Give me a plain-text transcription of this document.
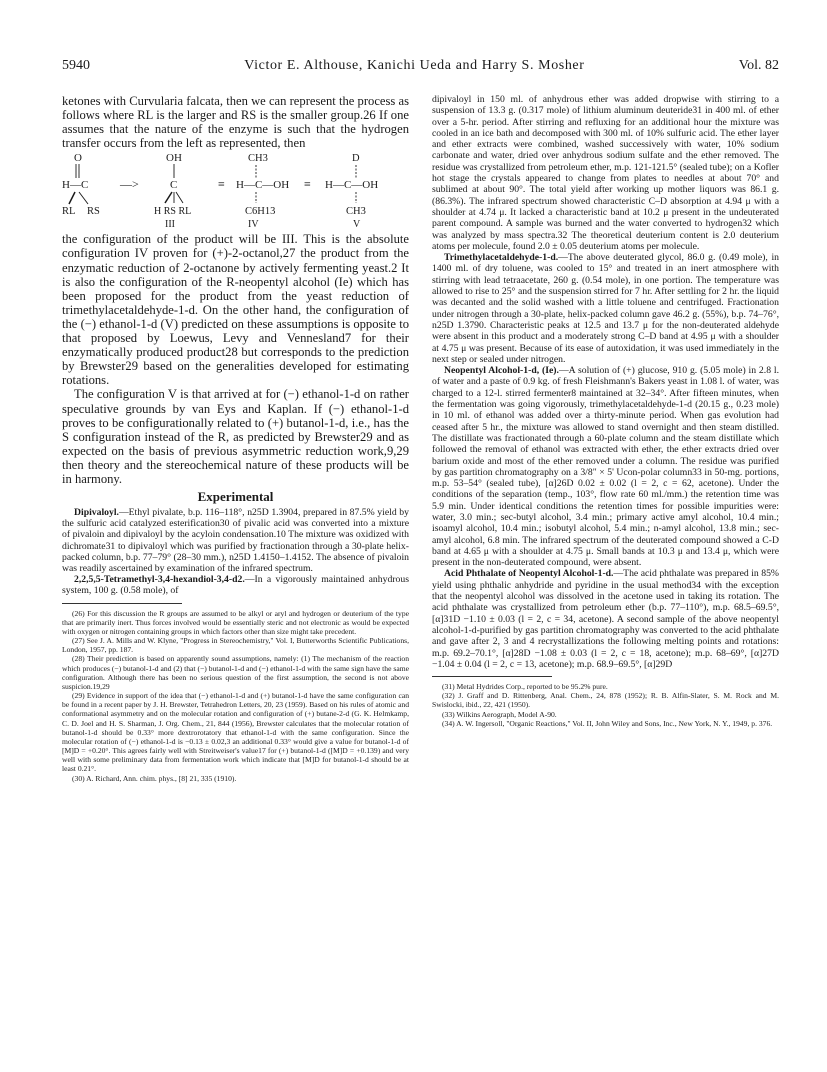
5940	Victor E. Althouse, Kanichi Ueda and Harry S. Mosher	Vol. 82

ketones with Curvularia falcata, then we can represent the process as follows where RL is the larger and RS is the smaller group.26 If one assumes that the nature of the enzyme is such that the hydrogen transfer occurs from the left as represented, then

O
H—C
RL RS
—>
OH
C
H RS RL
III
≡
CH3
H—C—OH
C6H13
IV
≡
D
H—C—OH
CH3
V

the configuration of the product will be III. This is the absolute configuration IV proven for (+)-2-octanol,27 the product from the enzymatic reduction of 2-octanone by actively fermenting yeast.2 It is also the configuration of the R-neopentyl alcohol (Ie) which has been proposed for the product from the yeast reduction of trimethylacetaldehyde-1-d. On the other hand, the configuration of the (−) ethanol-1-d (V) predicted on these assumptions is opposite to that proposed by Loewus, Levy and Vennesland7 for their enzymatically produced product28 but corresponds to the prediction by Brewster29 based on the generalities developed for estimating rotations.

The configuration V is that arrived at for (−) ethanol-1-d on rather speculative grounds by van Eys and Kaplan. If (−) ethanol-1-d proves to be configurationally related to (+) butanol-1-d, i.e., has the S configuration instead of the R, as predicted by Brewster29 and as expected on the basis of previous asymmetric reduction work,9,29 then theory and the stereochemical nature of these products will be in harmony.

Experimental

Dipivaloyl.—Ethyl pivalate, b.p. 116–118°, n25D 1.3904, prepared in 87.5% yield by the sulfuric acid catalyzed esterification30 of pivalic acid was converted into a mixture of pivaloin and dipivaloyl by the acyloin condensation.10 The mixture was oxidized with dichromate31 to dipivaloyl which was purified by fractionation through a 30-plate helix-packed column, b.p. 77–79° (28–30 mm.), n25D 1.4150–1.4152. The absence of pivaloin was readily ascertained by examination of the infrared spectrum.

2,2,5,5-Tetramethyl-3,4-hexandiol-3,4-d2.—In a vigorously maintained anhydrous system, 100 g. (0.58 mole), of

(26) For this discussion the R groups are assumed to be alkyl or aryl and hydrogen or deuterium of the type that are primarily inert. Thus forces involved would be essentially steric and not electronic as would be expected with oxygen or nitrogen containing groups in which factors other than size might take precedent.

(27) See J. A. Mills and W. Klyne, "Progress in Stereochemistry," Vol. I, Butterworths Scientific Publications, London, 1957, pp. 187.

(28) Their prediction is based on apparently sound assumptions, namely: (1) The mechanism of the reaction which produces (−) butanol-1-d and (2) that (−) butanol-1-d and (−) ethanol-1-d with the same sign have the same configuration. Although there has been no serious question of the first assumption, the second is not above suspicion.19,29

(29) Evidence in support of the idea that (−) ethanol-1-d and (+) butanol-1-d have the same configuration can be found in a recent paper by J. H. Brewster, Tetrahedron Letters, 20, 23 (1959). Based on his rules of atomic and conformational asymmetry and on the molecular rotation and configuration of (+) butane-2-d (G. K. Helmkamp, C. D. Joel and H. S. Sharman, J. Org. Chem., 21, 844 (1956), Brewster calculates that the molecular rotation of butanol-1-d should be 0.33° more dextrorotatory that ethanol-1-d with the same configuration. Since the molecular rotation of (−) ethanol-1-d is −0.13 ± 0.02,3 an additional 0.33° would give a value for butanol-1-d of [M]D = +0.20°. This agrees fairly well with Streitweiser's value17 for (+) butanol-1-d ([M]D = +0.139) and very well with some preliminary data from fermentation work which indicate that [M]D for butanol-1-d should be at least 0.21°.

(30) A. Richard, Ann. chim. phys., [8] 21, 335 (1910).

dipivaloyl in 150 ml. of anhydrous ether was added dropwise with stirring to a suspension of 13.3 g. (0.317 mole) of lithium aluminum deuteride31 in 400 ml. of ether over a 5-hr. period. After stirring and refluxing for an additional hour the mixture was cooled in an ice bath and decomposed with 300 ml. of 10% sulfuric acid. The ether layer and ether extracts were combined, washed successively with water, 10% sodium carbonate and water, dried over anhydrous sodium sulfate and the ether removed. The residue was crystallized from petroleum ether, m.p. 121-121.5° (sealed tube); on a Kofler hot stage the crystals appeared to change from plates to needles at about 70° and sublimed at about 90°. The total yield after working up mother liquors was 86.1 g. (86.3%). The infrared spectrum showed characteristic C–D absorption at 4.94 μ with a shoulder at 4.74 μ. It lacked a characteristic band at 10.2 μ present in the undeuterated parent compound. A sample was burned and the water converted to hydrogen32 which was analyzed by mass spectra.32 The theoretical deuterium content is 2.0 deuterium atoms per molecule, found 2.0 ± 0.05 deuterium atoms per molecule.

Trimethylacetaldehyde-1-d.—The above deuterated glycol, 86.0 g. (0.49 mole), in 1400 ml. of dry toluene, was cooled to 15° and treated in an inert atmosphere with stirring with lead tetraacetate, 260 g. (0.54 mole), in one portion. The temperature was allowed to rise to 25° and the suspension stirred for 7 hr. After settling for 2 hr. the liquid was decanted and the solid washed with a little toluene and centrifuged. Fractionation under nitrogen through a 30-plate, helix-packed column gave 46.2 g. (55%), b.p. 74–76°, n25D 1.3790. Characteristic peaks at 12.5 and 13.7 μ for the non-deuterated aldehyde were absent in this product and a moderately strong C–D band at 4.95 μ with a shoulder at 4.75 μ was present. Because of its ease of autoxidation, it was used immediately in the next step or sealed under nitrogen.

Neopentyl Alcohol-1-d, (Ie).—A solution of (+) glucose, 910 g. (5.05 mole) in 2.8 l. of water and a paste of 0.9 kg. of fresh Fleishmann's Bakers yeast in 1.08 l. of water, was charged to a 12-l. stirred fermenter8 maintained at 32–34°. After fifteen minutes, when the fermentation was going vigorously, trimethylacetaldehyde-1-d (20.15 g., 0.23 mole) in 10 ml. of ethanol was added over a thirty-minute period. When gas evolution had ceased after 5 hr., the mixture was allowed to stand overnight and then steam distilled. The distillate was fractionated through a 60-plate column and the steam distillate which followed the removal of ethanol was extracted with ether, the ether extracts dried over barium oxide and most of the ether removed under a column. The residue was purified by gas partition chromatography on a 3/8" × 5' Ucon-polar column33 in 50-mg. portions, m.p. 53–54° (sealed tube), [α]26D 0.02 ± 0.02 (l = 2, c = 62, acetone). Under the conditions of the separation (temp., 103°, flow rate 60 ml./mm.) the retention time was 5.9 min. Under identical conditions the retention times for possible impurities were: water, 3.0 min.; sec-butyl alcohol, 3.4 min.; primary active amyl alcohol, 10.4 min.; isoamyl alcohol, 10.4 min.; isobutyl alcohol, 5.4 min.; n-amyl alcohol, 13.8 min.; sec-amyl alcohol, 6.8 min. The infrared spectrum of the deuterated compound showed a C-D band at 4.65 μ with a shoulder at 4.75 μ. Small bands at 10.3 μ and 13.4 μ, which were present in the non-deuterated compound, were absent.

Acid Phthalate of Neopentyl Alcohol-1-d.—The acid phthalate was prepared in 85% yield using phthalic anhydride and pyridine in the usual method34 with the exception that the neopentyl alcohol was dissolved in the acetone used in taking its rotation. The acid phthalate was crystallized from petroleum ether (b.p. 77–110°), m.p. 68.5–69.5°, [α]31D −1.10 ± 0.03 (l = 2, c = 34, acetone). A second sample of the above neopentyl alcohol-1-d-purified by gas partition chromatography was converted to the acid phthalate and gave after 2, 3 and 4 recrystallizations the following melting points and rotations: m.p. 69.2–70.1°, [α]28D −1.08 ± 0.03 (l = 2, c = 18, acetone); m.p. 68–69°, [α]27D −1.04 ± 0.04 (l = 2, c = 13, acetone); m.p. 68.9–69.5°, [α]29D

(31) Metal Hydrides Corp., reported to be 95.2% pure.

(32) J. Graff and D. Rittenberg, Anal. Chem., 24, 878 (1952); R. B. Alfin-Slater, S. M. Rock and M. Swislocki, ibid., 22, 421 (1950).

(33) Wilkins Aerograph, Model A-90.

(34) A. W. Ingersoll, "Organic Reactions," Vol. II, John Wiley and Sons, Inc., New York, N. Y., 1949, p. 376.
